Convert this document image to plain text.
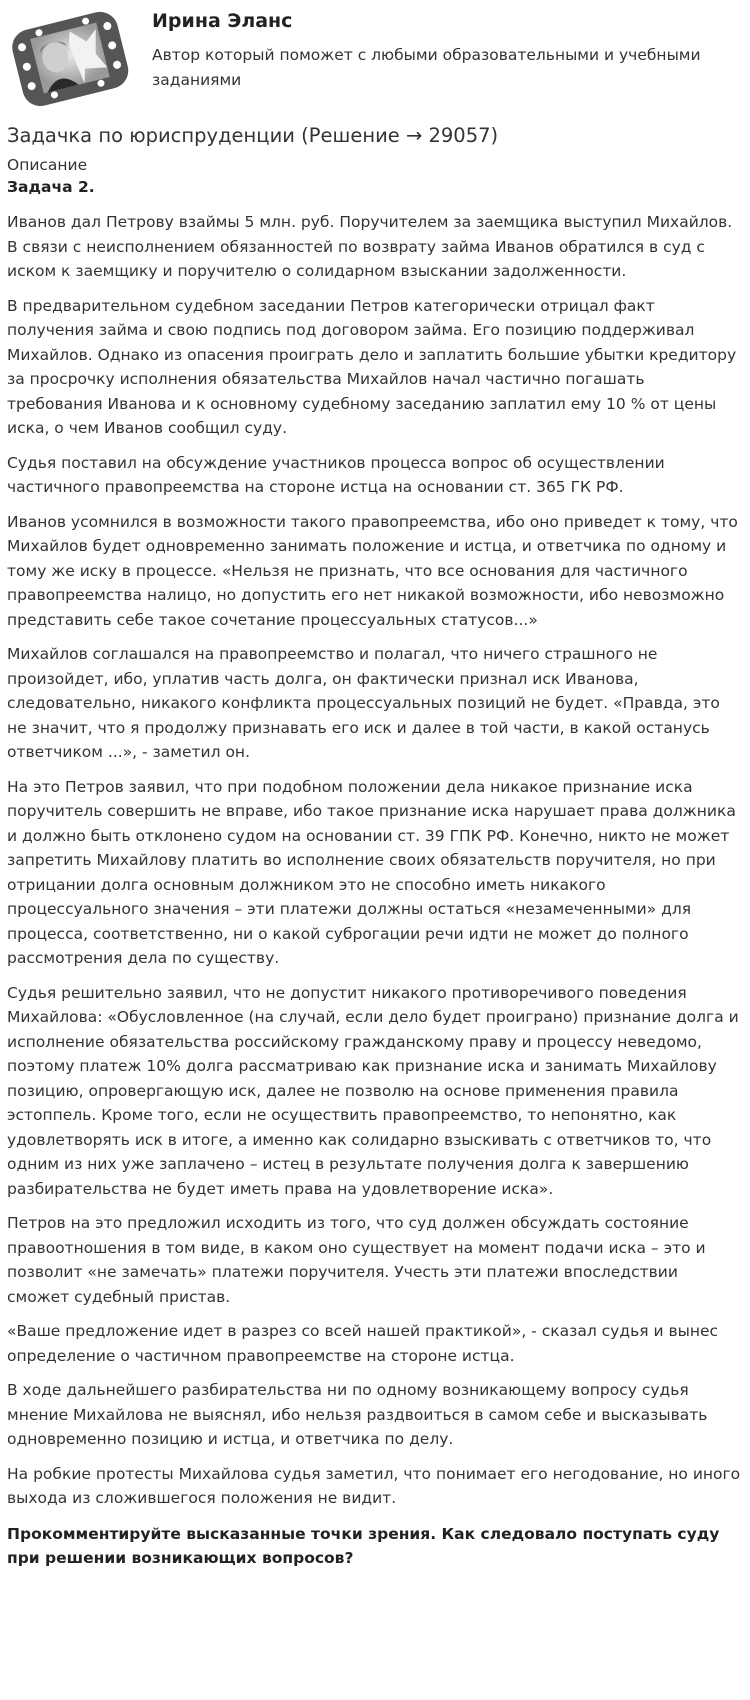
Ирина Эланс
Автор который поможет с любыми образовательными и учебными заданиями
Задачка по юриспруденции (Решение → 29057)
Описание
Задача 2.

Иванов дал Петрову взаймы 5 млн. руб. Поручителем за заемщика выступил Михайлов. В связи с неисполнением обязанностей по возврату займа Иванов обратился в суд с иском к заемщику и поручителю о солидарном взыскании задолженности.

В предварительном судебном заседании Петров категорически отрицал факт получения займа и свою подпись под договором займа. Его позицию поддерживал Михайлов. Однако из опасения проиграть дело и заплатить большие убытки кредитору за просрочку исполнения обязательства Михайлов начал частично погашать требования Иванова и к основному судебному заседанию заплатил ему 10 % от цены иска, о чем Иванов сообщил суду.

Судья поставил на обсуждение участников процесса вопрос об осуществлении частичного правопреемства на стороне истца на основании ст. 365 ГК РФ.

Иванов усомнился в возможности такого правопреемства, ибо оно приведет к тому, что Михайлов будет одновременно занимать положение и истца, и ответчика по одному и тому же иску в процессе. «Нельзя не признать, что все основания для частичного правопреемства налицо, но допустить его нет никакой возможности, ибо невозможно представить себе такое сочетание процессуальных статусов...»

Михайлов соглашался на правопреемство и полагал, что ничего страшного не произойдет, ибо, уплатив часть долга, он фактически признал иск Иванова, следовательно, никакого конфликта процессуальных позиций не будет. «Правда, это не значит, что я продолжу признавать его иск и далее в той части, в какой останусь ответчиком ...», - заметил он.

На это Петров заявил, что при подобном положении дела никакое признание иска поручитель совершить не вправе, ибо такое признание иска нарушает права должника и должно быть отклонено судом на основании ст. 39 ГПК РФ. Конечно, никто не может запретить Михайлову платить во исполнение своих обязательств поручителя, но при отрицании долга основным должником это не способно иметь никакого процессуального значения – эти платежи должны остаться «незамеченными» для процесса, соответственно, ни о какой суброгации речи идти не может до полного рассмотрения дела по существу.

Судья решительно заявил, что не допустит никакого противоречивого поведения Михайлова: «Обусловленное (на случай, если дело будет проиграно) признание долга и исполнение обязательства российскому гражданскому праву и процессу неведомо, поэтому платеж 10% долга рассматриваю как признание иска и занимать Михайлову позицию, опровергающую иск, далее не позволю на основе применения правила эстоппель. Кроме того, если не осуществить правопреемство, то непонятно, как удовлетворять иск в итоге, а именно как солидарно взыскивать с ответчиков то, что одним из них уже заплачено – истец в результате получения долга к завершению разбирательства не будет иметь права на удовлетворение иска».

Петров на это предложил исходить из того, что суд должен обсуждать состояние правоотношения в том виде, в каком оно существует на момент подачи иска – это и позволит «не замечать» платежи поручителя. Учесть эти платежи впоследствии сможет судебный пристав.

«Ваше предложение идет в разрез со всей нашей практикой», - сказал судья и вынес определение о частичном правопреемстве на стороне истца.

В ходе дальнейшего разбирательства ни по одному возникающему вопросу судья мнение Михайлова не выяснял, ибо нельзя раздвоиться в самом себе и высказывать одновременно позицию и истца, и ответчика по делу.

На робкие протесты Михайлова судья заметил, что понимает его негодование, но иного выхода из сложившегося положения не видит.

Прокомментируйте высказанные точки зрения. Как следовало поступать суду при решении возникающих вопросов?
